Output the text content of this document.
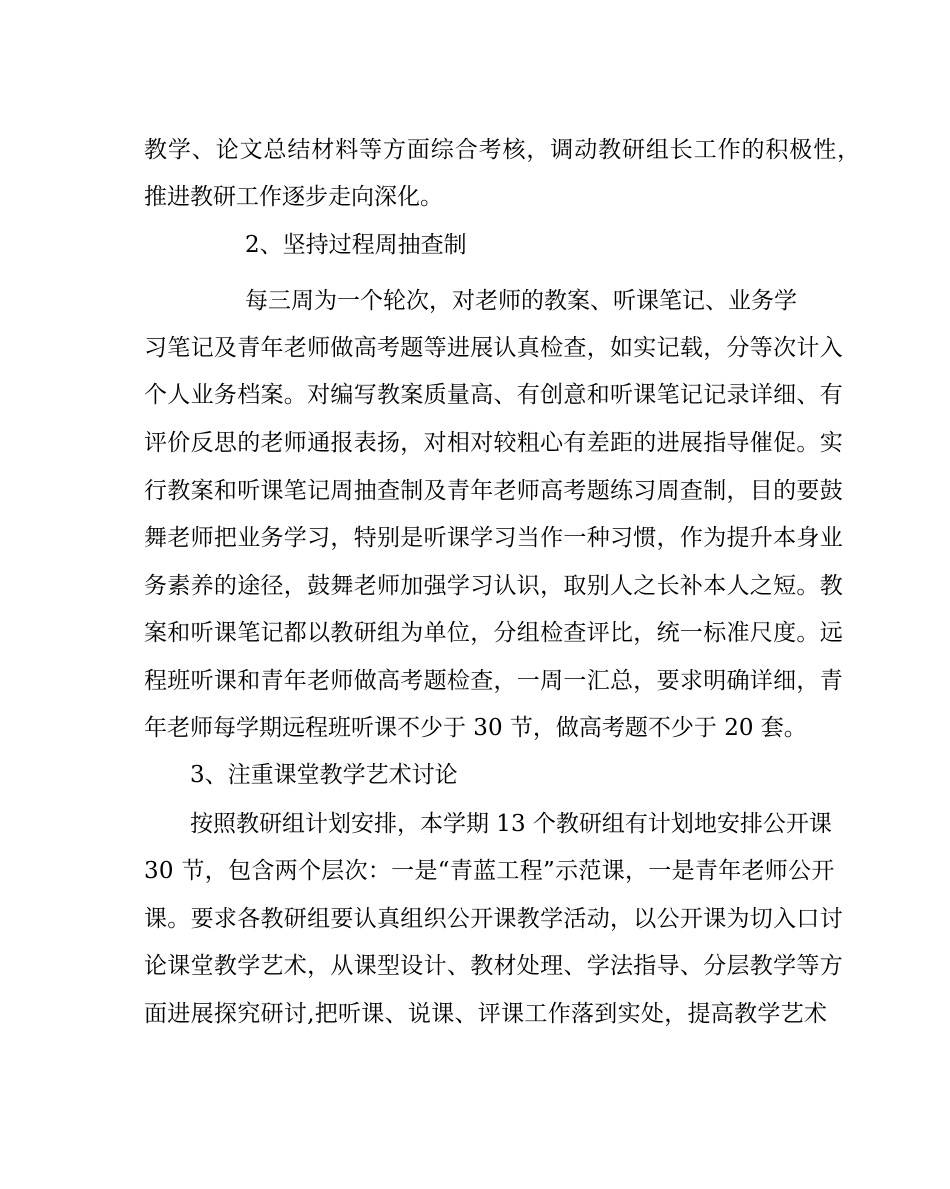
教学、论文总结材料等方面综合考核，调动教研组长工作的积极性，
推进教研工作逐步走向深化。
2、坚持过程周抽查制
每三周为一个轮次，对老师的教案、听课笔记、业务学
习笔记及青年老师做高考题等进展认真检查，如实记载，分等次计入
个人业务档案。对编写教案质量高、有创意和听课笔记记录详细、有
评价反思的老师通报表扬，对相对较粗心有差距的进展指导催促。实
行教案和听课笔记周抽查制及青年老师高考题练习周查制，目的要鼓
舞老师把业务学习，特别是听课学习当作一种习惯，作为提升本身业
务素养的途径，鼓舞老师加强学习认识，取别人之长补本人之短。教
案和听课笔记都以教研组为单位，分组检查评比，统一标准尺度。远
程班听课和青年老师做高考题检查，一周一汇总，要求明确详细，青
年老师每学期远程班听课不少于 30 节，做高考题不少于 20 套。
3、注重课堂教学艺术讨论
按照教研组计划安排，本学期 13 个教研组有计划地安排公开课
30 节，包含两个层次：一是“青蓝工程”示范课，一是青年老师公开
课。要求各教研组要认真组织公开课教学活动，以公开课为切入口讨
论课堂教学艺术，从课型设计、教材处理、学法指导、分层教学等方
面进展探究研讨,把听课、说课、评课工作落到实处，提高教学艺术
